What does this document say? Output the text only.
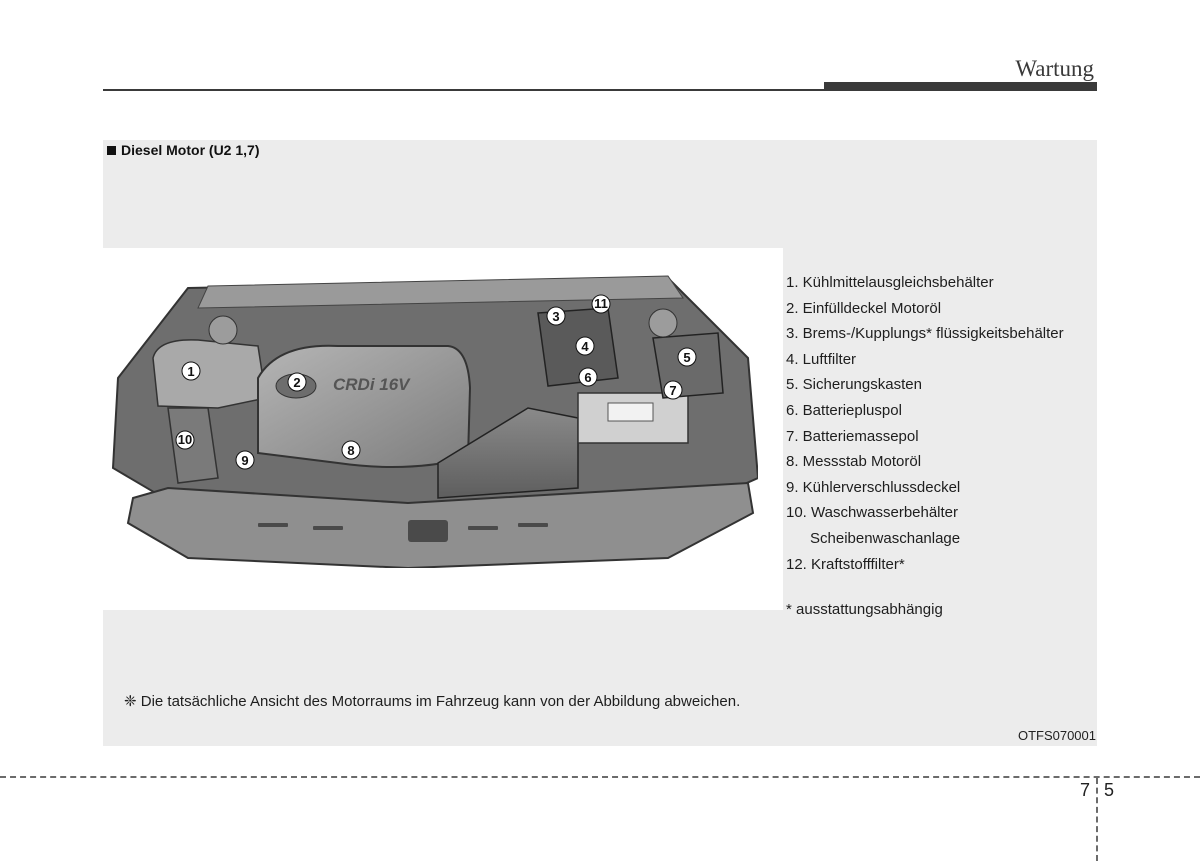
Wartung
Diesel Motor (U2 1,7)
CRDi 16V
1
2
3
4
5
6
7
8
9
10
11
1. Kühlmittelausgleichsbehälter
2. Einfülldeckel Motoröl
3. Brems-/Kupplungs* flüssigkeitsbehälter
4. Luftfilter
5. Sicherungskasten
6. Batteriepluspol
7. Batteriemassepol
8. Messstab Motoröl
9. Kühlerverschlussdeckel
10. Waschwasserbehälter
Scheibenwaschanlage
12. Kraftstofffilter*
* ausstattungsabhängig
❈ Die tatsächliche Ansicht des Motorraums im Fahrzeug kann von der Abbildung abweichen.
OTFS070001
7 5
